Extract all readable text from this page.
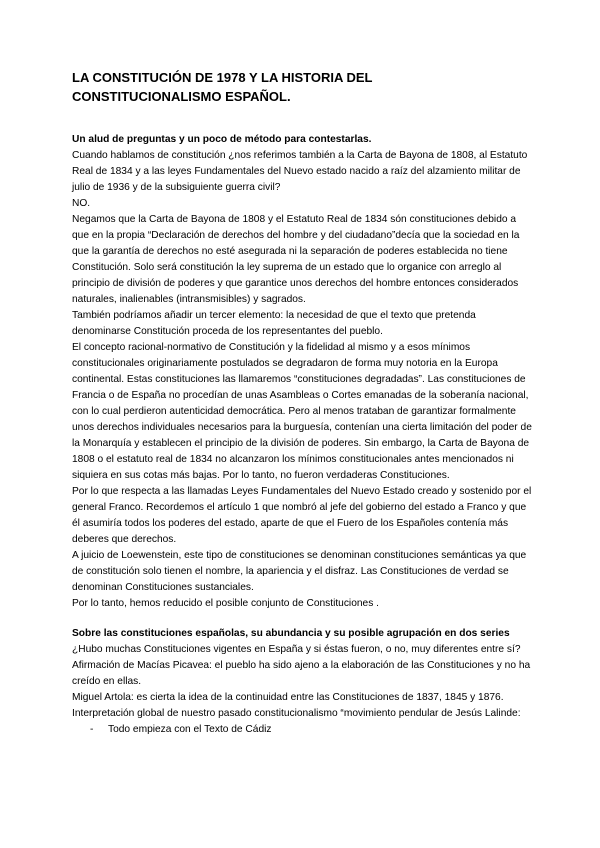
LA CONSTITUCIÓN DE 1978 Y LA HISTORIA DEL

CONSTITUCIONALISMO ESPAÑOL.

Un alud de preguntas y un poco de método para contestarlas.

Cuando hablamos de constitución ¿nos referimos también a la Carta de Bayona de 1808, al Estatuto Real de 1834 y a las leyes Fundamentales del Nuevo estado nacido a raíz del alzamiento militar de julio de 1936 y de la subsiguiente guerra civil?

NO.

Negamos que la Carta de Bayona de 1808 y el Estatuto Real de 1834 són constituciones debido a que en la propia “Declaración de derechos del hombre y del ciudadano”decía que la sociedad en la que la garantía de derechos no esté asegurada ni la separación de poderes establecida no tiene Constitución. Solo será constitución la ley suprema de un estado que lo organice con arreglo al principio de división de poderes y que garantice unos derechos del hombre entonces considerados naturales, inalienables (intransmisibles) y sagrados.

También podríamos añadir un tercer elemento: la necesidad de que el texto que pretenda denominarse Constitución proceda de los representantes del pueblo.

El concepto racional-normativo de Constitución y la fidelidad al mismo y a esos mínimos constitucionales originariamente postulados se degradaron de forma muy notoria en la Europa continental. Estas constituciones las llamaremos “constituciones degradadas”. Las constituciones de Francia o de España no procedían de unas Asambleas o Cortes emanadas de la soberanía nacional, con lo cual perdieron autenticidad democrática. Pero al menos trataban de garantizar formalmente unos derechos individuales necesarios para la burguesía, contenían una cierta limitación del poder de la Monarquía y establecen el principio de la división de poderes. Sin embargo, la Carta de Bayona de 1808 o el estatuto real de 1834 no alcanzaron los mínimos constitucionales antes mencionados ni siquiera en sus cotas más bajas. Por lo tanto, no fueron verdaderas Constituciones.

Por lo que respecta a las llamadas Leyes Fundamentales del Nuevo Estado creado y sostenido por el general Franco. Recordemos el artículo 1 que nombró al jefe del gobierno del estado a Franco y que él asumiría todos los poderes del estado, aparte de que el Fuero de los Españoles contenía más deberes que derechos.

A juicio de Loewenstein, este tipo de constituciones se denominan constituciones semánticas ya que de constitución solo tienen el nombre, la apariencia y el disfraz. Las Constituciones de verdad se denominan Constituciones sustanciales.

Por lo tanto, hemos reducido el posible conjunto de Constituciones .

Sobre las constituciones españolas, su abundancia y su posible agrupación en dos series

¿Hubo muchas Constituciones vigentes en España y si éstas fueron, o no, muy diferentes entre sí?

Afirmación de Macías Picavea: el pueblo ha sido ajeno a la elaboración de las Constituciones y no ha creído en ellas.

Miguel Artola: es cierta la idea de la continuidad entre las Constituciones de 1837, 1845 y 1876.

Interpretación global de nuestro pasado constitucionalismo “movimiento pendular de Jesús Lalinde:

-	Todo empieza con el Texto de Cádiz
